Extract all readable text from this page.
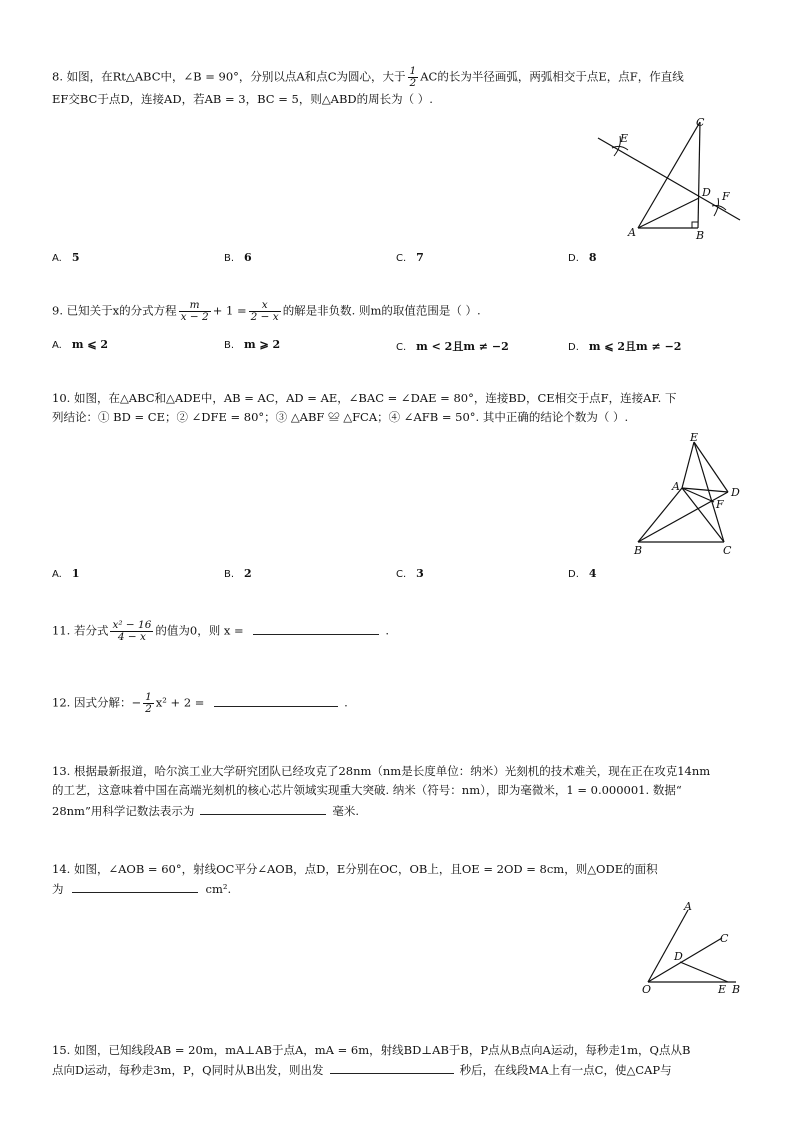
8. 如图，在Rt△ABC中，∠B = 90°，分别以点A和点C为圆心，大于 $\frac{1}{2}$ AC的长为半径画弧，两弧相交于点E，点F，作直线
EF交BC于点D，连接AD，若AB = 3，BC = 5，则△ABD的周长为（ ）.
C
E
D F
A	B
A. 5	B. 6	C. 7	D. 8
9. 已知关于x的分式方程 $\frac{m}{x - 2} + 1 = \frac{x}{2 - x}$ 的解是非负数. 则m的取值范围是（ ）.
A. m ⩽ 2	B. m ⩾ 2	C. m < 2且m ≠ −2	D. m ⩽ 2且m ≠ −2
10. 如图，在△ABC和△ADE中，AB = AC，AD = AE，∠BAC = ∠DAE = 80°，连接BD，CE相交于点F，连接AF. 下
列结论：① BD = CE；② ∠DFE = 80°；③ △ABF ≌ △FCA；④ ∠AFB = 50°. 其中正确的结论个数为（ ）.
E
A	D
F
B	C
A. 1	B. 2	C. 3	D. 4
11. 若分式 $\frac{\text{x² − 16}}{4 - x}$ 的值为0，则 x =	.
12. 因式分解：− $\frac{1}{2} x^2 + 2$ =	.
13. 根据最新报道，哈尔滨工业大学研究团队已经攻克了28nm（nm是长度单位：纳米）光刻机的技术难关，现在正在攻克14nm
的工艺，这意味着中国在高端光刻机的核心芯片领域实现重大突破. 纳米（符号：nm），即为毫微米，1 = 0.000001. 数据“
28nm”用科学记数法表示为	毫米.
14. 如图，∠AOB = 60°，射线OC平分∠AOB，点D，E分别在OC，OB上，且OE = 2OD = 8cm，则△ODE的面积
为	cm².
A
C
D
O	E B
15. 如图，已知线段AB = 20m，mA⊥AB于点A，mA = 6m，射线BD⊥AB于B，P点从B点向A运动，每秒走1m，Q点从B
点向D运动，每秒走3m，P，Q同时从B出发，则出发	秒后，在线段MA上有一点C，使△CAP与
